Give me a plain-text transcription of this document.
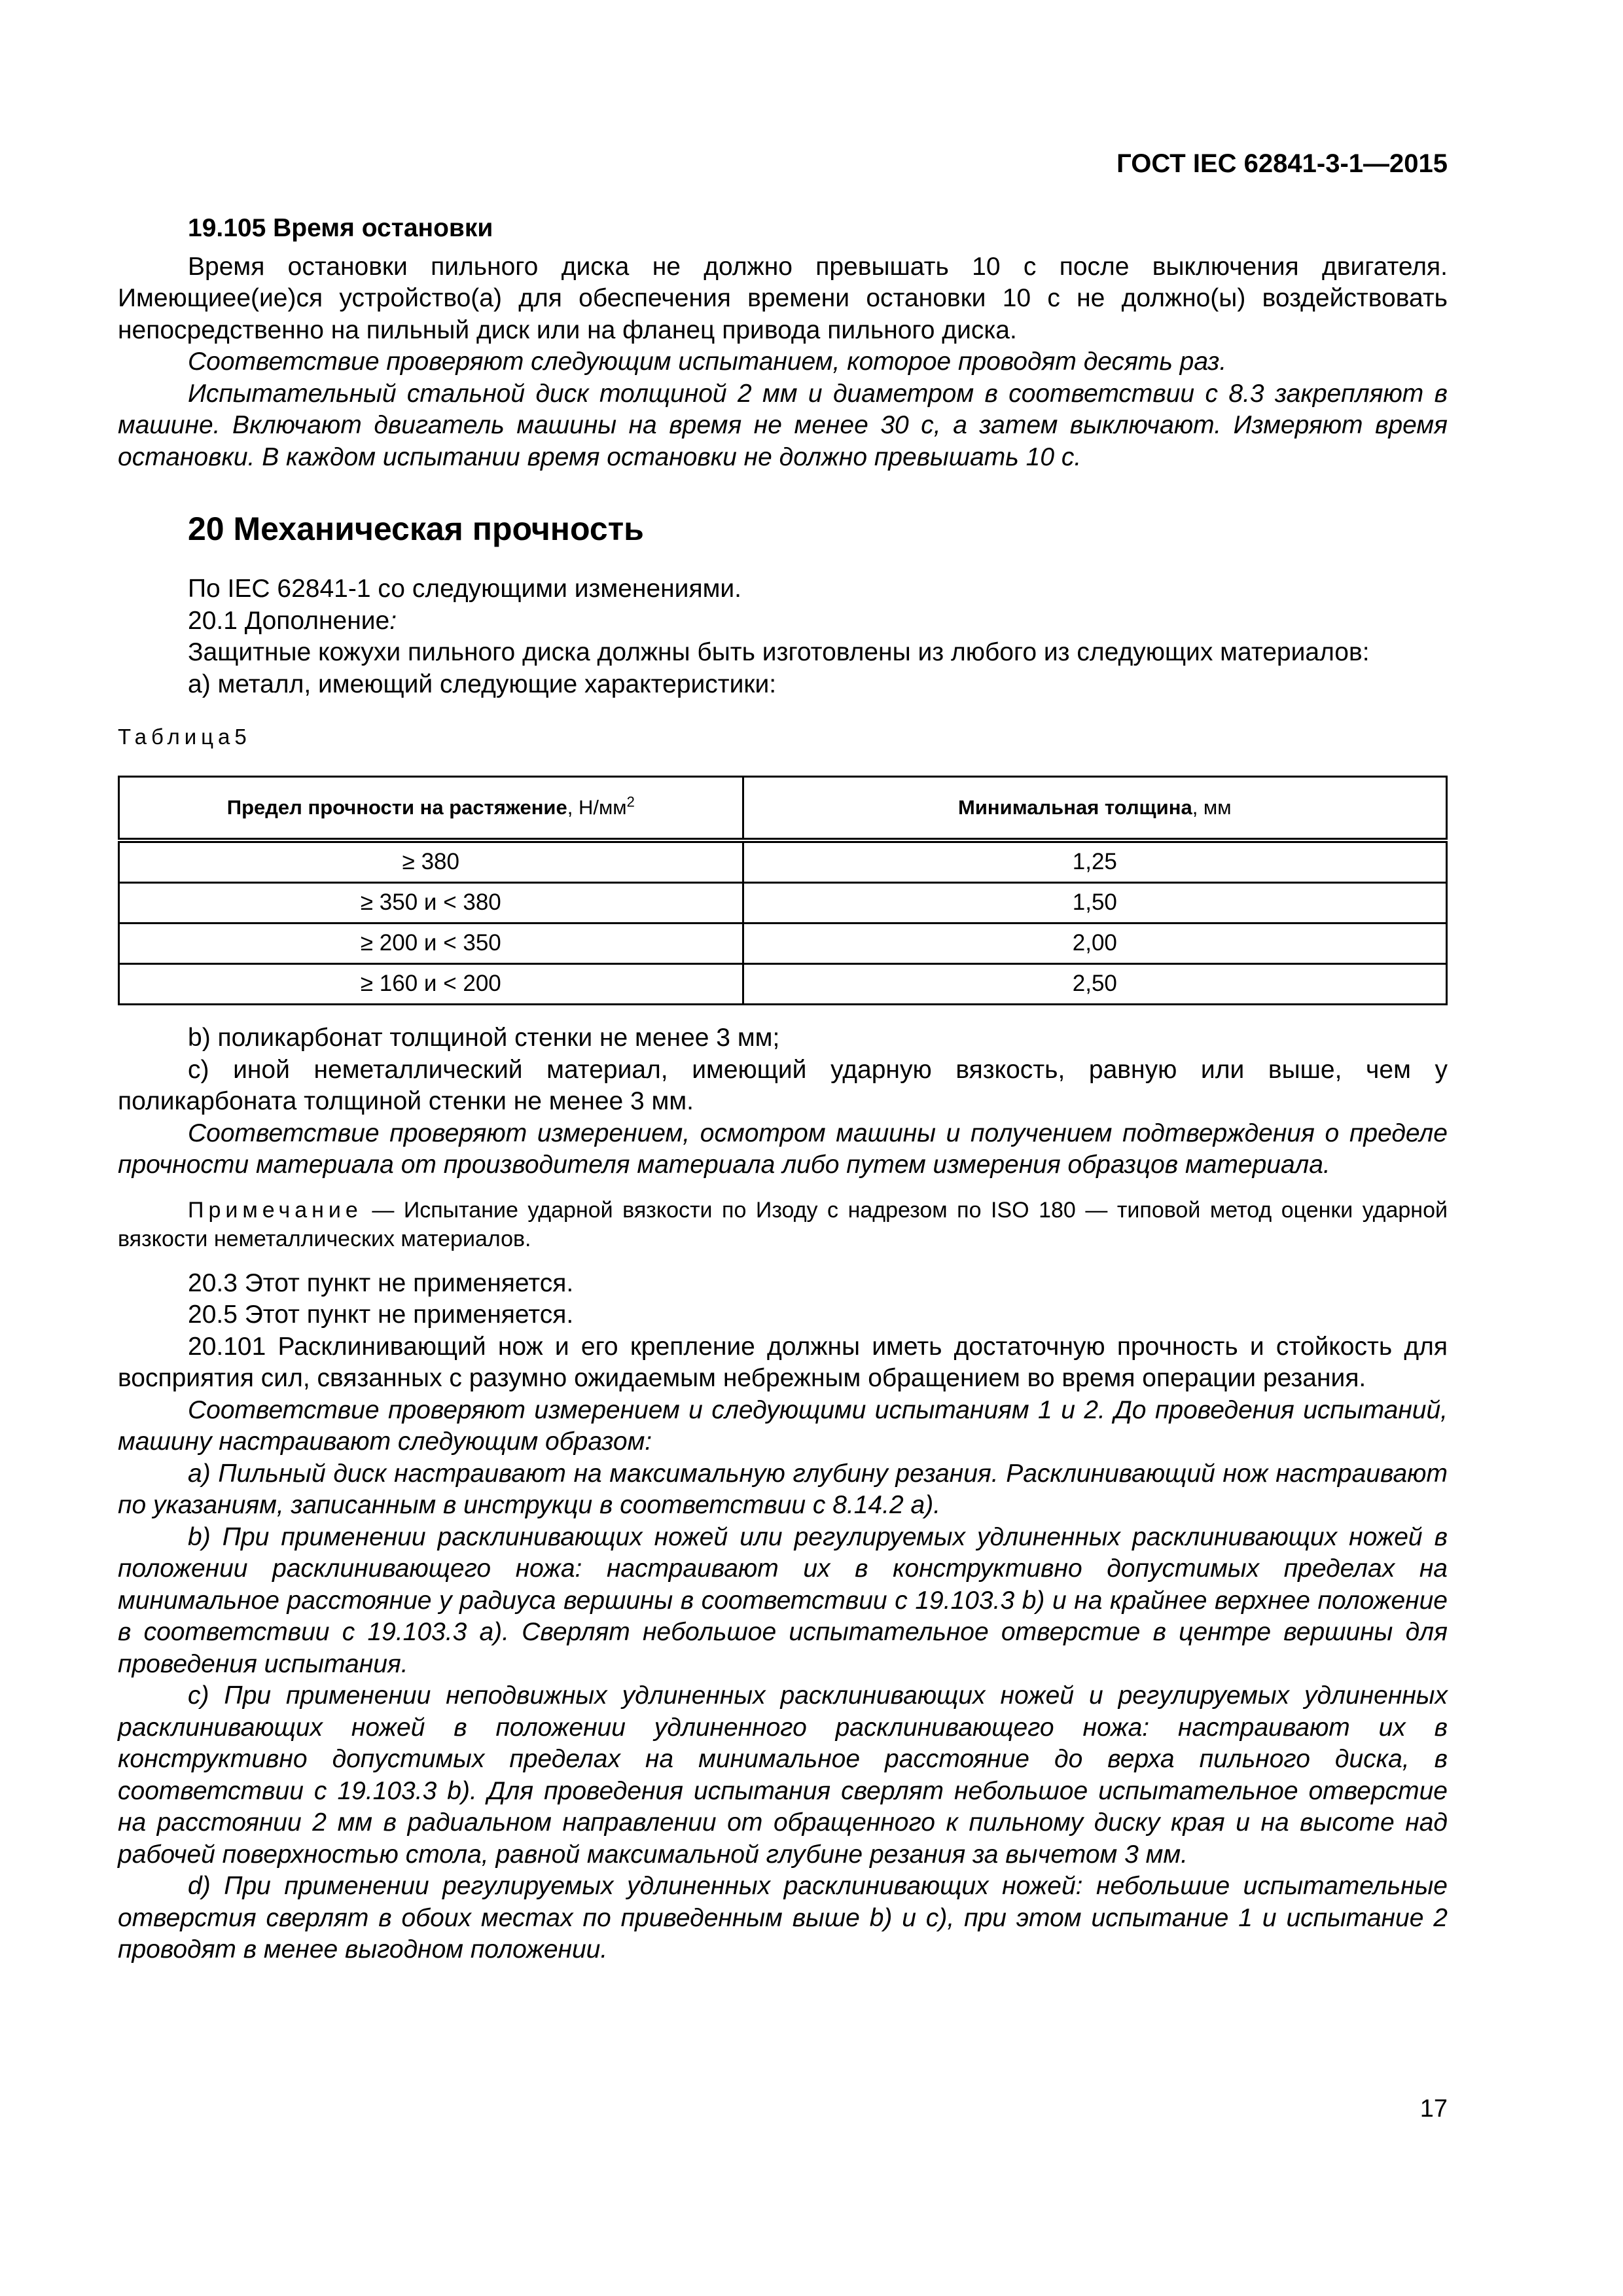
ГОСТ IEC 62841-3-1—2015

19.105 Время остановки

Время остановки пильного диска не должно превышать 10 с после выключения двигателя. Имеющиее(ие)ся устройство(а) для обеспечения времени остановки 10 с не должно(ы) воздействовать непосредственно на пильный диск или на фланец привода пильного диска.

Соответствие проверяют следующим испытанием, которое проводят десять раз.

Испытательный стальной диск толщиной 2 мм и диаметром в соответствии с 8.3 закрепляют в машине. Включают двигатель машины на время не менее 30 с, а затем выключают. Измеряют время остановки. В каждом испытании время остановки не должно превышать 10 с.

20 Механическая прочность

По IEC 62841-1 со следующими изменениями.

20.1 Дополнение:

Защитные кожухи пильного диска должны быть изготовлены из любого из следующих материалов:

а) металл, имеющий следующие характеристики:

Таблица5
Предел прочности на растяжение, $Н/мм^2$	Минимальная толщина, мм
≥ 380	1,25
≥ 350 и < 380	1,50
≥ 200 и < 350	2,00
≥ 160 и < 200	2,50

b) поликарбонат толщиной стенки не менее 3 мм;

c) иной неметаллический материал, имеющий ударную вязкость, равную или выше, чем у поликарбоната толщиной стенки не менее 3 мм.

Соответствие проверяют измерением, осмотром машины и получением подтверждения о пределе прочности материала от производителя материала либо путем измерения образцов материала.

Примечание — Испытание ударной вязкости по Изоду с надрезом по ISO 180 — типовой метод оценки ударной вязкости неметаллических материалов.

20.3 Этот пункт не применяется.

20.5 Этот пункт не применяется.

20.101 Расклинивающий нож и его крепление должны иметь достаточную прочность и стойкость для восприятия сил, связанных с разумно ожидаемым небрежным обращением во время операции резания.

Соответствие проверяют измерением и следующими испытаниям 1 и 2. До проведения испытаний, машину настраивают следующим образом:

a) Пильный диск настраивают на максимальную глубину резания. Расклинивающий нож настраивают по указаниям, записанным в инструкци в соответствии с 8.14.2 a).

b) При применении расклинивающих ножей или регулируемых удлиненных расклинивающих ножей в положении расклинивающего ножа: настраивают их в конструктивно допустимых пределах на минимальное расстояние у радиуса вершины в соответствии с 19.103.3 b) и на крайнее верхнее положение в соответствии с 19.103.3 a). Сверлят небольшое испытательное отверстие в центре вершины для проведения испытания.

c) При применении неподвижных удлиненных расклинивающих ножей и регулируемых удлиненных расклинивающих ножей в положении удлиненного расклинивающего ножа: настраивают их в конструктивно допустимых пределах на минимальное расстояние до верха пильного диска, в соответствии с 19.103.3 b). Для проведения испытания сверлят небольшое испытательное отверстие на расстоянии 2 мм в радиальном направлении от обращенного к пильному диску края и на высоте над рабочей поверхностью стола, равной максимальной глубине резания за вычетом 3 мм.

d) При применении регулируемых удлиненных расклинивающих ножей: небольшие испытательные отверстия сверлят в обоих местах по приведенным выше b) и c), при этом испытание 1 и испытание 2 проводят в менее выгодном положении.

17
